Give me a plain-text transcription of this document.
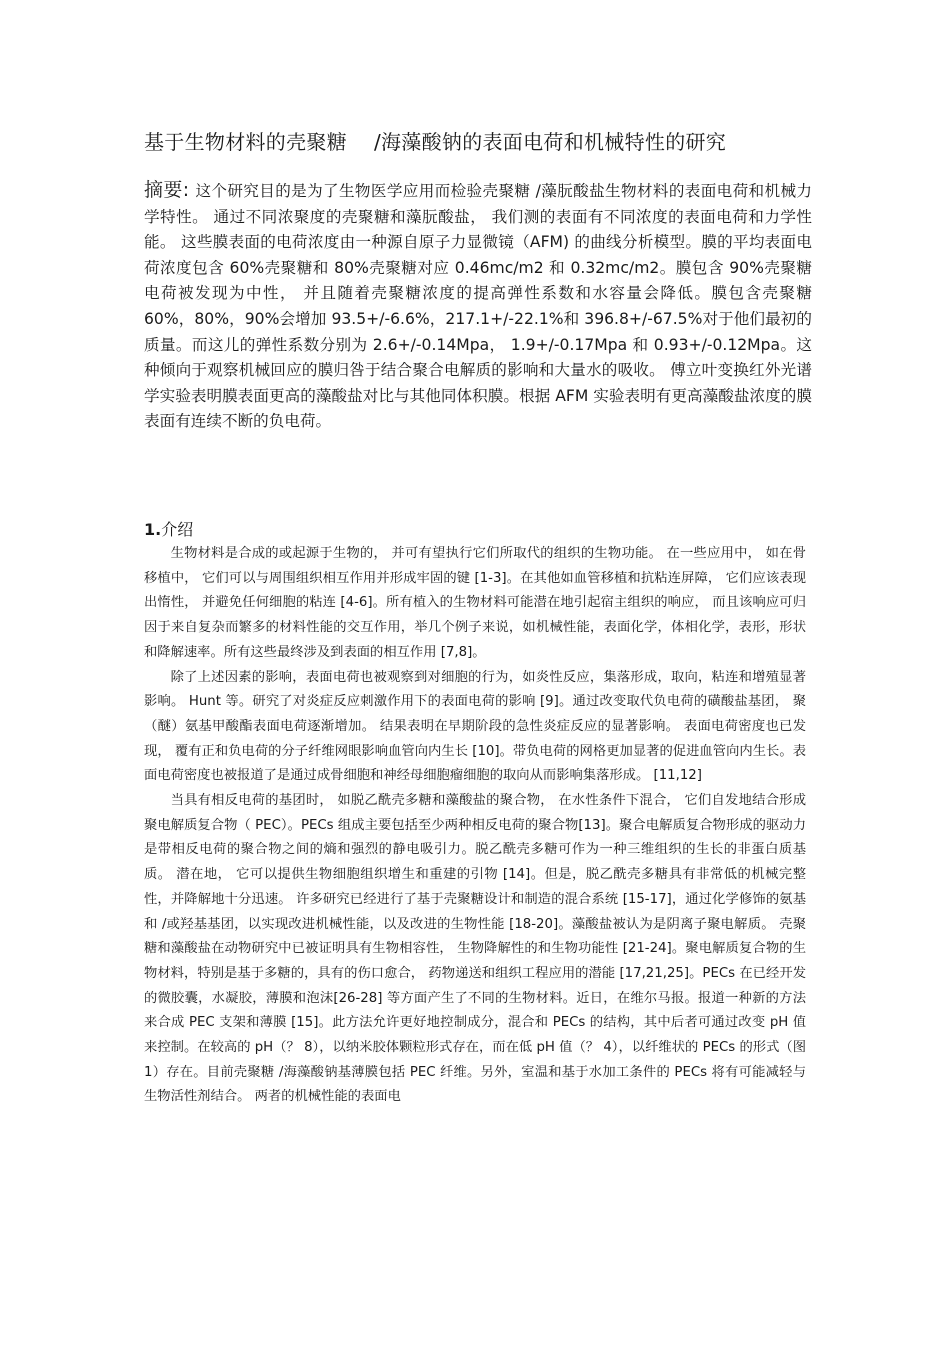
基于生物材料的壳聚糖　 /海藻酸钠的表面电荷和机械特性的研究
摘要: 这个研究目的是为了生物医学应用而检验壳聚糖 /藻朊酸盐生物材料的表面电荷和机械力学特性。 通过不同浓聚度的壳聚糖和藻朊酸盐， 我们测的表面有不同浓度的表面电荷和力学性能。 这些膜表面的电荷浓度由一种源自原子力显微镜（AFM) 的曲线分析模型。膜的平均表面电荷浓度包含 60%壳聚糖和 80%壳聚糖对应 0.46mc/m2 和 0.32mc/m2。膜包含 90%壳聚糖电荷被发现为中性， 并且随着壳聚糖浓度的提高弹性系数和水容量会降低。膜包含壳聚糖 60%，80%，90%会增加 93.5+/-6.6%，217.1+/-22.1%和 396.8+/-67.5%对于他们最初的质量。而这儿的弹性系数分别为 2.6+/-0.14Mpa， 1.9+/-0.17Mpa 和 0.93+/-0.12Mpa。这种倾向于观察机械回应的膜归咎于结合聚合电解质的影响和大量水的吸收。 傅立叶变换红外光谱学实验表明膜表面更高的藻酸盐对比与其他同体积膜。根据 AFM 实验表明有更高藻酸盐浓度的膜表面有连续不断的负电荷。
1.介绍

生物材料是合成的或起源于生物的， 并可有望执行它们所取代的组织的生物功能。 在一些应用中， 如在骨移植中， 它们可以与周围组织相互作用并形成牢固的键 [1-3]。在其他如血管移植和抗粘连屏障， 它们应该表现出惰性， 并避免任何细胞的粘连 [4-6]。所有植入的生物材料可能潜在地引起宿主组织的响应， 而且该响应可归因于来自复杂而繁多的材料性能的交互作用，举几个例子来说，如机械性能，表面化学，体相化学，表形，形状和降解速率。所有这些最终涉及到表面的相互作用 [7,8]。

除了上述因素的影响，表面电荷也被观察到对细胞的行为，如炎性反应，集落形成，取向，粘连和增殖显著影响。 Hunt 等。研究了对炎症反应刺激作用下的表面电荷的影响 [9]。通过改变取代负电荷的磺酸盐基团， 聚（醚）氨基甲酸酯表面电荷逐渐增加。 结果表明在早期阶段的急性炎症反应的显著影响。 表面电荷密度也已发现， 覆有正和负电荷的分子纤维网眼影响血管向内生长 [10]。带负电荷的网格更加显著的促进血管向内生长。表面电荷密度也被报道了是通过成骨细胞和神经母细胞瘤细胞的取向从而影响集落形成。 [11,12]

当具有相反电荷的基团时， 如脱乙酰壳多糖和藻酸盐的聚合物， 在水性条件下混合， 它们自发地结合形成聚电解质复合物（ PEC）。PECs 组成主要包括至少两种相反电荷的聚合物[13]。聚合电解质复合物形成的驱动力是带相反电荷的聚合物之间的熵和强烈的静电吸引力。脱乙酰壳多糖可作为一种三维组织的生长的非蛋白质基质。 潜在地， 它可以提供生物细胞组织增生和重建的引物 [14]。但是，脱乙酰壳多糖具有非常低的机械完整性，并降解地十分迅速。 许多研究已经进行了基于壳聚糖设计和制造的混合系统 [15-17]，通过化学修饰的氨基和 /或羟基基团，以实现改进机械性能，以及改进的生物性能 [18-20]。藻酸盐被认为是阴离子聚电解质。 壳聚糖和藻酸盐在动物研究中已被证明具有生物相容性， 生物降解性的和生物功能性 [21-24]。聚电解质复合物的生物材料，特别是基于多糖的，具有的伤口愈合， 药物递送和组织工程应用的潜能 [17,21,25]。PECs 在已经开发的微胶囊，水凝胶，薄膜和泡沫[26-28] 等方面产生了不同的生物材料。近日，在维尔马报。报道一种新的方法来合成 PEC 支架和薄膜 [15]。此方法允许更好地控制成分，混合和 PECs 的结构，其中后者可通过改变 pH 值来控制。在较高的 pH（？ 8），以纳米胶体颗粒形式存在，而在低 pH 值（？ 4），以纤维状的 PECs 的形式（图 1）存在。目前壳聚糖 /海藻酸钠基薄膜包括 PEC 纤维。另外，室温和基于水加工条件的 PECs 将有可能减轻与生物活性剂结合。 两者的机械性能的表面电
